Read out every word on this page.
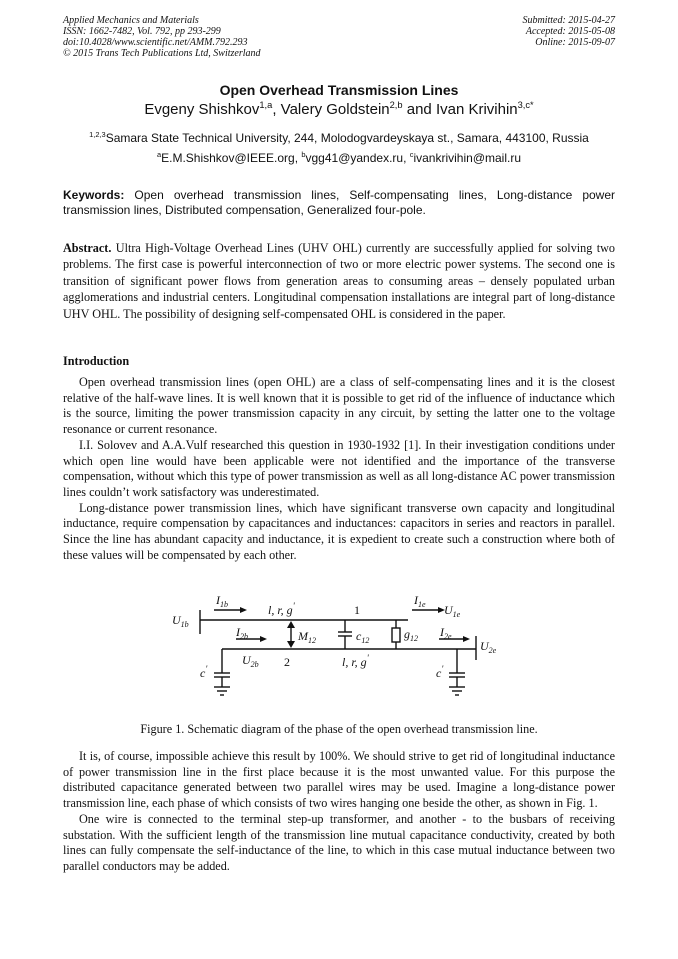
Applied Mechanics and Materials
ISSN: 1662-7482, Vol. 792, pp 293-299
doi:10.4028/www.scientific.net/AMM.792.293
© 2015 Trans Tech Publications Ltd, Switzerland
Submitted: 2015-04-27
Accepted: 2015-05-08
Online: 2015-09-07
Open Overhead Transmission Lines
Evgeny Shishkov$^{1,a}$, Valery Goldstein$^{2,b}$ and Ivan Krivihin$^{3,c*}$
$^{1,2,3}$Samara State Technical University, 244, Molodogvardeyskaya st., Samara, 443100, Russia
$^a$E.M.Shishkov@IEEE.org, $^b$vgg41@yandex.ru, $^c$ivankrivihin@mail.ru
Keywords: Open overhead transmission lines, Self-compensating lines, Long-distance power transmission lines, Distributed compensation, Generalized four-pole.
Abstract. Ultra High-Voltage Overhead Lines (UHV OHL) currently are successfully applied for solving two problems. The first case is powerful interconnection of two or more electric power systems. The second one is transition of significant power flows from generation areas to consuming areas – densely populated urban agglomerations and industrial centers. Longitudinal compensation installations are integral part of long-distance UHV OHL. The possibility of designing self-compensated OHL is considered in the paper.
Introduction

Open overhead transmission lines (open OHL) are a class of self-compensating lines and it is the closest relative of the half-wave lines. It is well known that it is possible to get rid of the influence of inductance which is the source, limiting the power transmission capacity in any circuit, by setting the latter one to the voltage resonance or current resonance.

I.I. Solovev and A.A.Vulf researched this question in 1930-1932 [1]. In their investigation conditions under which open line would have been applicable were not identified and the importance of the transverse compensation, without which this type of power transmission as well as all long-distance AC power transmission lines couldn’t work satisfactory was underestimated.

Long-distance power transmission lines, which have significant transverse own capacity and longitudinal inductance, require compensation by capacitances and inductances: capacitors in series and reactors in parallel. Since the line has abundant capacity and inductance, it is expedient to create such a construction where both of these values will be compensated by each other.

$U_{1b}$
$I_{1b}$	l, r, g'	1
$I_{1e}$ $U_{1e}$
$I_{2b}$	$M_{12}$	$c_{12}$	$g_{12}$ $I_{2e}$
$U_{2e}$
$U_{2b}$ 2	l, r, g'
c'	c'
Figure 1. Schematic diagram of the phase of the open overhead transmission line.

It is, of course, impossible achieve this result by 100%. We should strive to get rid of longitudinal inductance of power transmission line in the first place because it is the most unwanted value. For this purpose the distributed capacitance generated between two parallel wires may be used. Imagine a long-distance power transmission line, each phase of which consists of two wires hanging one beside the other, as shown in Fig. 1.

One wire is connected to the terminal step-up transformer, and another - to the busbars of receiving substation. With the sufficient length of the transmission line mutual capacitance conductivity, created by both lines can fully compensate the self-inductance of the line, to which in this case mutual inductance between two parallel conductors may be added.
